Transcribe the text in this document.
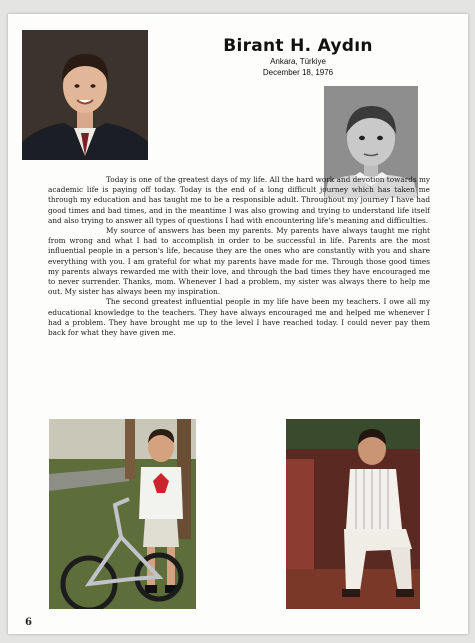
Birant H. Aydın
Ankara, Türkiye
December 18, 1976

Today is one of the greatest days of my life. All the hard work and devotion towards my academic life is paying off today. Today is the end of a long difficult journey which has taken me through my education and has taught me to be a responsible adult. Throughout my journey I have had good times and bad times, and in the meantime I was also growing and trying to understand life itself and also trying to answer all types of questions I had with encountering life's meaning and difficulties.

My source of answers has been my parents. My parents have always taught me right from wrong and what I had to accomplish in order to be successful in life. Parents are the most influential people in a person's life, because they are the ones who are constantly with you and share everything with you. I am grateful for what my parents have made for me. Through those good times my parents always rewarded me with their love, and through the bad times they have encouraged me to never surrender. Thanks, mom. Whenever I had a problem, my sister was always there to help me out. My sister has always been my inspiration.

The second greatest influential people in my life have been my teachers. I owe all my educational knowledge to the teachers. They have always encouraged me and helped me whenever I had a problem. They have brought me up to the level I have reached today. I could never pay them back for what they have given me.

6
